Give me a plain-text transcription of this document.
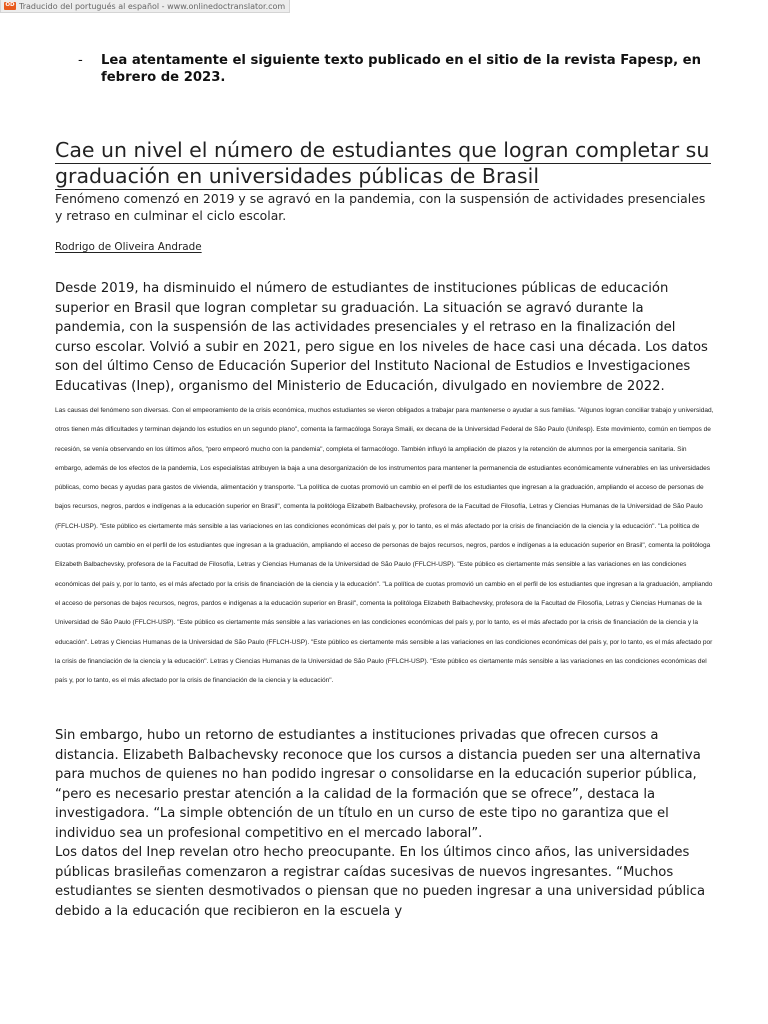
OD Traducido del portugués al español - www.onlinedoctranslator.com
- Lea atentamente el siguiente texto publicado en el sitio de la revista Fapesp, en febrero de 2023.
Cae un nivel el número de estudiantes que logran completar su
graduación en universidades públicas de Brasil
Fenómeno comenzó en 2019 y se agravó en la pandemia, con la suspensión de actividades presenciales y retraso en culminar el ciclo escolar.
Rodrigo de Oliveira Andrade

Desde 2019, ha disminuido el número de estudiantes de instituciones públicas de educación superior en Brasil que logran completar su graduación. La situación se agravó durante la pandemia, con la suspensión de las actividades presenciales y el retraso en la finalización del curso escolar. Volvió a subir en 2021, pero sigue en los niveles de hace casi una década. Los datos son del último Censo de Educación Superior del Instituto Nacional de Estudios e Investigaciones Educativas (Inep), organismo del Ministerio de Educación, divulgado en noviembre de 2022.

Las causas del fenómeno son diversas. Con el empeoramiento de la crisis económica, muchos estudiantes se vieron obligados a trabajar para mantenerse o ayudar a sus familias. "Algunos logran conciliar trabajo y universidad, otros tienen más dificultades y terminan dejando los estudios en un segundo plano", comenta la farmacóloga Soraya Smaili, ex decana de la Universidad Federal de São Paulo (Unifesp). Este movimiento, común en tiempos de recesión, se venía observando en los últimos años, "pero empeoró mucho con la pandemia", completa el farmacólogo. También influyó la ampliación de plazos y la retención de alumnos por la emergencia sanitaria. Sin embargo, además de los efectos de la pandemia, Los especialistas atribuyen la baja a una desorganización de los instrumentos para mantener la permanencia de estudiantes económicamente vulnerables en las universidades públicas, como becas y ayudas para gastos de vivienda, alimentación y transporte. "La política de cuotas promovió un cambio en el perfil de los estudiantes que ingresan a la graduación, ampliando el acceso de personas de bajos recursos, negros, pardos e indígenas a la educación superior en Brasil", comenta la politóloga Elizabeth Balbachevsky, profesora de la Facultad de Filosofía, Letras y Ciencias Humanas de la Universidad de São Paulo (FFLCH-USP). "Este público es ciertamente más sensible a las variaciones en las condiciones económicas del país y, por lo tanto, es el más afectado por la crisis de financiación de la ciencia y la educación". "La política de cuotas promovió un cambio en el perfil de los estudiantes que ingresan a la graduación, ampliando el acceso de personas de bajos recursos, negros, pardos e indígenas a la educación superior en Brasil", comenta la politóloga Elizabeth Balbachevsky, profesora de la Facultad de Filosofía, Letras y Ciencias Humanas de la Universidad de São Paulo (FFLCH-USP). "Este público es ciertamente más sensible a las variaciones en las condiciones económicas del país y, por lo tanto, es el más afectado por la crisis de financiación de la ciencia y la educación". "La política de cuotas promovió un cambio en el perfil de los estudiantes que ingresan a la graduación, ampliando el acceso de personas de bajos recursos, negros, pardos e indígenas a la educación superior en Brasil", comenta la politóloga Elizabeth Balbachevsky, profesora de la Facultad de Filosofía, Letras y Ciencias Humanas de la Universidad de São Paulo (FFLCH-USP). "Este público es ciertamente más sensible a las variaciones en las condiciones económicas del país y, por lo tanto, es el más afectado por la crisis de financiación de la ciencia y la educación". Letras y Ciencias Humanas de la Universidad de São Paulo (FFLCH-USP). "Este público es ciertamente más sensible a las variaciones en las condiciones económicas del país y, por lo tanto, es el más afectado por la crisis de financiación de la ciencia y la educación". Letras y Ciencias Humanas de la Universidad de São Paulo (FFLCH-USP). "Este público es ciertamente más sensible a las variaciones en las condiciones económicas del país y, por lo tanto, es el más afectado por la crisis de financiación de la ciencia y la educación".

Sin embargo, hubo un retorno de estudiantes a instituciones privadas que ofrecen cursos a distancia. Elizabeth Balbachevsky reconoce que los cursos a distancia pueden ser una alternativa para muchos de quienes no han podido ingresar o consolidarse en la educación superior pública, “pero es necesario prestar atención a la calidad de la formación que se ofrece”, destaca la investigadora. “La simple obtención de un título en un curso de este tipo no garantiza que el individuo sea un profesional competitivo en el mercado laboral”.

Los datos del Inep revelan otro hecho preocupante. En los últimos cinco años, las universidades públicas brasileñas comenzaron a registrar caídas sucesivas de nuevos ingresantes. “Muchos estudiantes se sienten desmotivados o piensan que no pueden ingresar a una universidad pública debido a la educación que recibieron en la escuela y
